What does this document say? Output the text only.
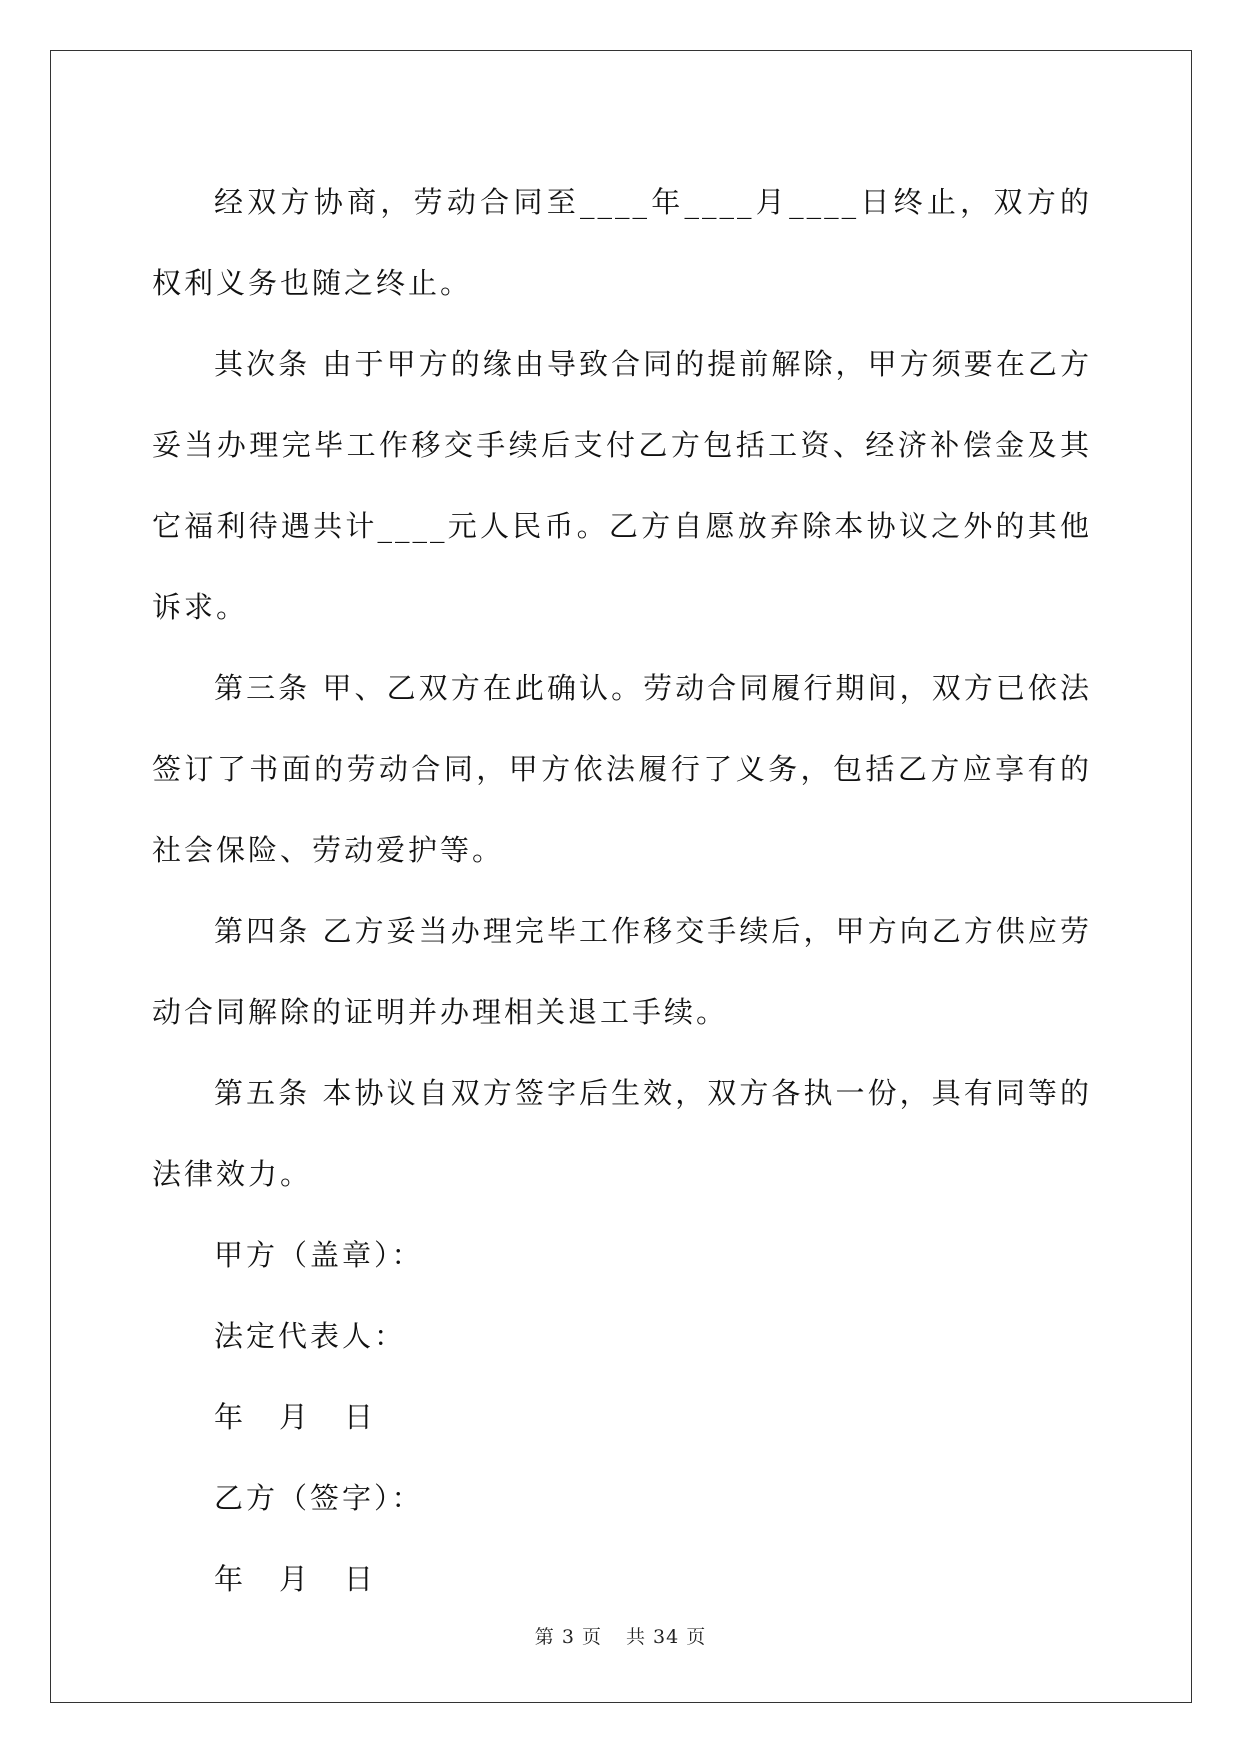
经双方协商，劳动合同至____年____月____日终止，双方的权利义务也随之终止。

其次条 由于甲方的缘由导致合同的提前解除，甲方须要在乙方妥当办理完毕工作移交手续后支付乙方包括工资、经济补偿金及其它福利待遇共计____元人民币。乙方自愿放弃除本协议之外的其他诉求。

第三条 甲、乙双方在此确认。劳动合同履行期间，双方已依法签订了书面的劳动合同，甲方依法履行了义务，包括乙方应享有的社会保险、劳动爱护等。

第四条 乙方妥当办理完毕工作移交手续后，甲方向乙方供应劳动合同解除的证明并办理相关退工手续。

第五条 本协议自双方签字后生效，双方各执一份，具有同等的法律效力。

甲方（盖章）：

法定代表人：

年 月 日

乙方（签字）：

年 月 日

第 3 页 共 34 页
